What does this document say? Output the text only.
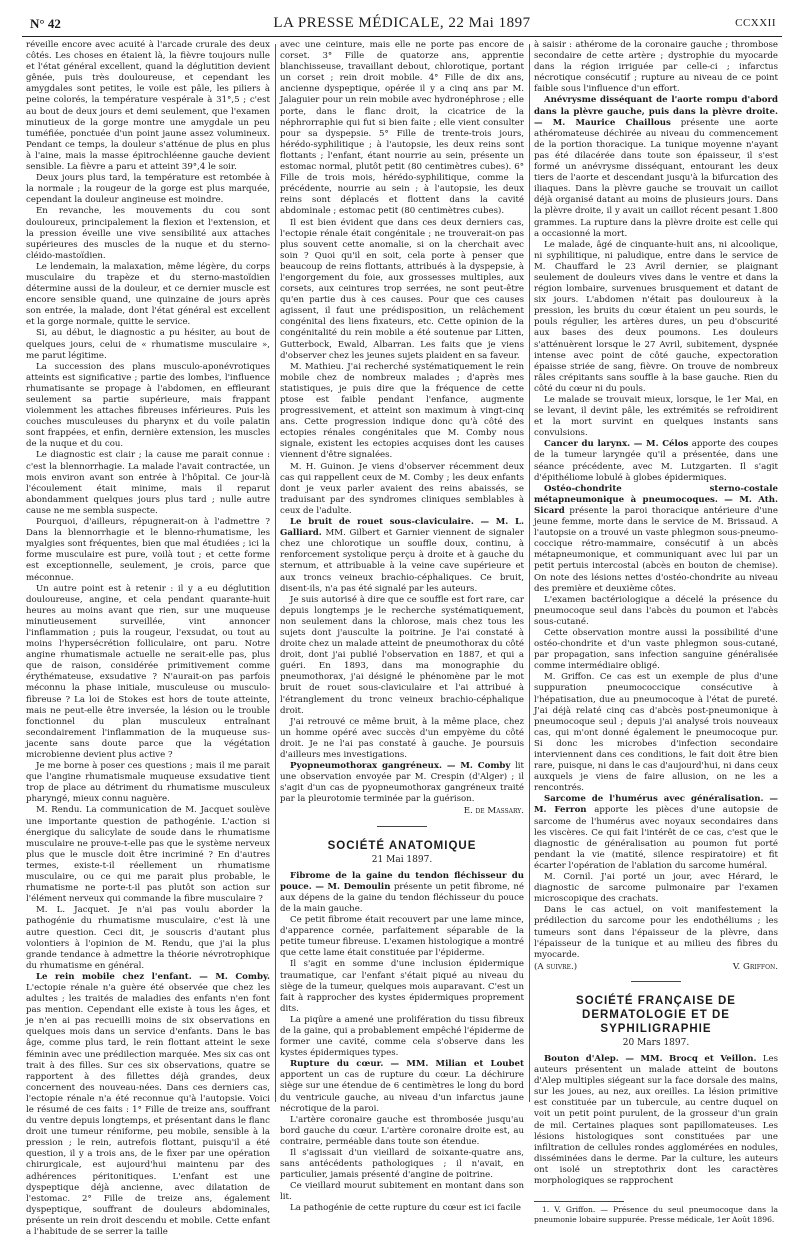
N° 42	LA PRESSE MÉDICALE, 22 Mai 1897	CCXXII

réveille encore avec acuité à l'arcade crurale des deux côtés. Les choses en étaient là, la fièvre toujours nulle et l'état général excellent, quand la déglutition devient gênée, puis très douloureuse, et cependant les amygdales sont petites, le voile est pâle, les piliers à peine colorés, la température vespérale à 31°,5 ; c'est au bout de deux jours et demi seulement, que l'examen minutieux de la gorge montre une amygdale un peu tuméfiée, ponctuée d'un point jaune assez volumineux. Pendant ce temps, la douleur s'atténue de plus en plus à l'aine, mais la masse épitrochléenne gauche devient sensible. La fièvre a paru et atteint 39°,4 le soir.

Deux jours plus tard, la température est retombée à la normale ; la rougeur de la gorge est plus marquée, cependant la douleur angineuse est moindre.

En revanche, les mouvements du cou sont douloureux, principalement la flexion et l'extension, et la pression éveille une vive sensibilité aux attaches supérieures des muscles de la nuque et du sterno-cléido-mastoïdien.

Le lendemain, la malaxation, même légère, du corps musculaire du trapèze et du sterno-mastoïdien détermine aussi de la douleur, et ce dernier muscle est encore sensible quand, une quinzaine de jours après son entrée, la malade, dont l'état général est excellent et la gorge normale, quitte le service.

Si, au début, le diagnostic a pu hésiter, au bout de quelques jours, celui de « rhumatisme musculaire », me parut légitime.

La succession des plans musculo-aponévrotiques atteints est significative ; partie des lombes, l'influence rhumatisante se propage à l'abdomen, en effleurant seulement sa partie supérieure, mais frappant violemment les attaches fibreuses inférieures. Puis les couches musculeuses du pharynx et du voile palatin sont frappées, et enfin, dernière extension, les muscles de la nuque et du cou.

Le diagnostic est clair ; la cause me parait connue : c'est la blennorrhagie. La malade l'avait contractée, un mois environ avant son entrée à l'hôpital. Ce jour-là l'écoulement était minime, mais il reparut abondamment quelques jours plus tard ; nulle autre cause ne me sembla suspecte.

Pourquoi, d'ailleurs, répugnerait-on à l'admettre ? Dans la blennorrhagie et le blenno-rhumatisme, les myalgies sont fréquentes, bien que mal étudiées ; ici la forme musculaire est pure, voilà tout ; et cette forme est exceptionnelle, seulement, je crois, parce que méconnue.

Un autre point est à retenir : il y a eu déglutition douloureuse, angine, et cela pendant quarante-huit heures au moins avant que rien, sur une muqueuse minutieusement surveillée, vint annoncer l'inflammation ; puis la rougeur, l'exsudat, ou tout au moins l'hypersécrétion folliculaire, ont paru. Notre angine rhumatismale actuelle ne serait-elle pas, plus que de raison, considérée primitivement comme érythémateuse, exsudative ? N'aurait-on pas parfois méconnu la phase initiale, musculeuse ou musculo-fibreuse ? La loi de Stokes est hors de toute atteinte, mais ne peut-elle être inversée, la lésion ou le trouble fonctionnel du plan musculeux entraînant secondairement l'inflammation de la muqueuse sus-jacente sans doute parce que la végétation microbienne devient plus active ?

Je me borne à poser ces questions ; mais il me parait que l'angine rhumatismale muqueuse exsudative tient trop de place au détriment du rhumatisme musculeux pharyngé, mieux connu naguère.

M. Rendu. La communication de M. Jacquet soulève une importante question de pathogénie. L'action si énergique du salicylate de soude dans le rhumatisme musculaire ne prouve-t-elle pas que le système nerveux plus que le muscle doit être incriminé ? En d'autres termes, existe-t-il réellement un rhumatisme musculaire, ou ce qui me parait plus probable, le rhumatisme ne porte-t-il pas plutôt son action sur l'élément nerveux qui commande la fibre musculaire ?

M. L. Jacquet. Je n'ai pas voulu aborder la pathogénie du rhumatisme musculaire, c'est là une autre question. Ceci dit, je souscris d'autant plus volontiers à l'opinion de M. Rendu, que j'ai la plus grande tendance à admettre la théorie névrotrophique du rhumatisme en général.

Le rein mobile chez l'enfant. — M. Comby. L'ectopie rénale n'a guère été observée que chez les adultes ; les traités de maladies des enfants n'en font pas mention. Cependant elle existe à tous les âges, et je n'en ai pas recueilli moins de six observations en quelques mois dans un service d'enfants. Dans le bas âge, comme plus tard, le rein flottant atteint le sexe féminin avec une prédilection marquée. Mes six cas ont trait à des filles. Sur ces six observations, quatre se rapportent à des fillettes déjà grandes, deux concernent des nouveau-nées. Dans ces derniers cas, l'ectopie rénale n'a été reconnue qu'à l'autopsie. Voici le résumé de ces faits : 1° Fille de treize ans, souffrant du ventre depuis longtemps, et présentant dans le flanc droit une tumeur réniforme, peu mobile, sensible à la pression ; le rein, autrefois flottant, puisqu'il a été question, il y a trois ans, de le fixer par une opération chirurgicale, est aujourd'hui maintenu par des adhérences péritonitiques. L'enfant est une dyspeptique déjà ancienne, avec dilatation de l'estomac. 2° Fille de treize ans, également dyspeptique, souffrant de douleurs abdominales, présente un rein droit descendu et mobile. Cette enfant a l'habitude de se serrer la taille

avec une ceinture, mais elle ne porte pas encore de corset. 3° Fille de quatorze ans, apprentie blanchisseuse, travaillant debout, chlorotique, portant un corset ; rein droit mobile. 4° Fille de dix ans, ancienne dyspeptique, opérée il y a cinq ans par M. Jalaguier pour un rein mobile avec hydronéphrose ; elle porte, dans le flanc droit, la cicatrice de la néphrorraphie qui fut si bien faite ; elle vient consulter pour sa dyspepsie. 5° Fille de trente-trois jours, hérédo-syphilitique ; à l'autopsie, les deux reins sont flottants ; l'enfant, étant nourrie au sein, présente un estomac normal, plutôt petit (80 centimètres cubes). 6° Fille de trois mois, hérédo-syphilitique, comme la précédente, nourrie au sein ; à l'autopsie, les deux reins sont déplacés et flottent dans la cavité abdominale ; estomac petit (80 centimètres cubes).

Il est bien évident que dans ces deux derniers cas, l'ectopie rénale était congénitale ; ne trouverait-on pas plus souvent cette anomalie, si on la cherchait avec soin ? Quoi qu'il en soit, cela porte à penser que beaucoup de reins flottants, attribués à la dyspepsie, à l'engorgement du foie, aux grossesses multiples, aux corsets, aux ceintures trop serrées, ne sont peut-être qu'en partie dus à ces causes. Pour que ces causes agissent, il faut une prédisposition, un relâchement congénital des liens fixateurs, etc. Cette opinion de la congénitalité du rein mobile a été soutenue par Litten, Gutterbock, Ewald, Albarran. Les faits que je viens d'observer chez les jeunes sujets plaident en sa faveur.

M. Mathieu. J'ai recherché systématiquement le rein mobile chez de nombreux malades ; d'après mes statistiques, je puis dire que la fréquence de cette ptose est faible pendant l'enfance, augmente progressivement, et atteint son maximum à vingt-cinq ans. Cette progression indique donc qu'à côté des ectopies rénales congénitales que M. Comby nous signale, existent les ectopies acquises dont les causes viennent d'être signalées.

M. H. Guinon. Je viens d'observer récemment deux cas qui rappellent ceux de M. Comby ; les deux enfants dont je veux parler avaient des reins abaissés, se traduisant par des syndromes cliniques semblables à ceux de l'adulte.

Le bruit de rouet sous-claviculaire. — M. L. Galliard. MM. Gilbert et Garnier viennent de signaler chez une chlorotique un souffle doux, continu, à renforcement systolique perçu à droite et à gauche du sternum, et attribuable à la veine cave supérieure et aux troncs veineux brachio-céphaliques. Ce bruit, disent-ils, n'a pas été signalé par les auteurs.

Je suis autorisé à dire que ce souffle est fort rare, car depuis longtemps je le recherche systématiquement, non seulement dans la chlorose, mais chez tous les sujets dont j'ausculte la poitrine. Je l'ai constaté à droite chez un malade atteint de pneumothorax du côté droit, dont j'ai publié l'observation en 1887, et qui a guéri. En 1893, dans ma monographie du pneumothorax, j'ai désigné le phénomène par le mot bruit de rouet sous-claviculaire et l'ai attribué à l'étranglement du tronc veineux brachio-céphalique droit.

J'ai retrouvé ce même bruit, à la même place, chez un homme opéré avec succès d'un empyème du côté droit. Je ne l'ai pas constaté à gauche. Je poursuis d'ailleurs mes investigations.

Pyopneumothorax gangréneux. — M. Comby lit une observation envoyée par M. Crespin (d'Alger) ; il s'agit d'un cas de pyopneumothorax gangréneux traité par la pleurotomie terminée par la guérison.

E. de Massary.
SOCIÉTÉ ANATOMIQUE
21 Mai 1897.

Fibrome de la gaine du tendon fléchisseur du pouce. — M. Demoulin présente un petit fibrome, né aux dépens de la gaine du tendon fléchisseur du pouce de la main gauche.

Ce petit fibrome était recouvert par une lame mince, d'apparence cornée, parfaitement séparable de la petite tumeur fibreuse. L'examen histologique a montré que cette lame était constituée par l'épiderme.

Il s'agit en somme d'une inclusion épidermique traumatique, car l'enfant s'était piqué au niveau du siège de la tumeur, quelques mois auparavant. C'est un fait à rapprocher des kystes épidermiques proprement dits.

La piqûre a amené une prolifération du tissu fibreux de la gaine, qui a probablement empêché l'épiderme de former une cavité, comme cela s'observe dans les kystes épidermiques types.

Rupture du cœur. — MM. Milian et Loubet apportent un cas de rupture du cœur. La déchirure siège sur une étendue de 6 centimètres le long du bord du ventricule gauche, au niveau d'un infarctus jaune nécrotique de la paroi.

L'artère coronaire gauche est thrombosée jusqu'au bord gauche du cœur. L'artère coronaire droite est, au contraire, perméable dans toute son étendue.

Il s'agissait d'un vieillard de soixante-quatre ans, sans antécédents pathologiques ; il n'avait, en particulier, jamais présenté d'angine de poitrine.

Ce vieillard mourut subitement en montant dans son lit.

La pathogénie de cette rupture du cœur est ici facile

à saisir : athérome de la coronaire gauche ; thrombose secondaire de cette artère ; dystrophie du myocarde dans la région irriguée par celle-ci ; infarctus nécrotique consécutif ; rupture au niveau de ce point faible sous l'influence d'un effort.

Anévrysme disséquant de l'aorte rompu d'abord dans la plèvre gauche, puis dans la plèvre droite. — M. Maurice Chaillous présente une aorte athéromateuse déchirée au niveau du commencement de la portion thoracique. La tunique moyenne n'ayant pas été dilacérée dans toute son épaisseur, il s'est formé un anévrysme disséquant, entourant les deux tiers de l'aorte et descendant jusqu'à la bifurcation des iliaques. Dans la plèvre gauche se trouvait un caillot déjà organisé datant au moins de plusieurs jours. Dans la plèvre droite, il y avait un caillot récent pesant 1.800 grammes. La rupture dans la plèvre droite est celle qui a occasionné la mort.

Le malade, âgé de cinquante-huit ans, ni alcoolique, ni syphilitique, ni paludique, entre dans le service de M. Chauffard le 23 Avril dernier, se plaignant seulement de douleurs vives dans le ventre et dans la région lombaire, survenues brusquement et datant de six jours. L'abdomen n'était pas douloureux à la pression, les bruits du cœur étaient un peu sourds, le pouls régulier, les artères dures, un peu d'obscurité aux bases des deux poumons. Les douleurs s'atténuèrent lorsque le 27 Avril, subitement, dyspnée intense avec point de côté gauche, expectoration épaisse striée de sang, fièvre. On trouve de nombreux râles crépitants sans souffle à la base gauche. Rien du côté du cœur ni du pouls.

Le malade se trouvait mieux, lorsque, le 1er Mai, en se levant, il devint pâle, les extrémités se refroidirent et la mort survint en quelques instants sans convulsions.

Cancer du larynx. — M. Célos apporte des coupes de la tumeur laryngée qu'il a présentée, dans une séance précédente, avec M. Lutzgarten. Il s'agit d'épithéliome lobulé à globes épidermiques.

Ostéo-chondrite sterno-costale métapneumonique à pneumocoques. — M. Ath. Sicard présente la paroi thoracique antérieure d'une jeune femme, morte dans le service de M. Brissaud. A l'autopsie on a trouvé un vaste phlegmon sous-pneumo-coccique rétro-mammaire, consécutif à un abcès métapneumonique, et communiquant avec lui par un petit pertuis intercostal (abcès en bouton de chemise). On note des lésions nettes d'ostéo-chondrite au niveau des première et deuxième côtes.

L'examen bactériologique a décelé la présence du pneumocoque seul dans l'abcès du poumon et l'abcès sous-cutané.

Cette observation montre aussi la possibilité d'une ostéo-chondrite et d'un vaste phlegmon sous-cutané, par propagation, sans infection sanguine généralisée comme intermédiaire obligé.

M. Griffon. Ce cas est un exemple de plus d'une suppuration pneumococcique consécutive à l'hépatisation, due au pneumocoque à l'état de pureté. J'ai déjà relaté cinq cas d'abcès post-pneumonique à pneumocoque seul ; depuis j'ai analysé trois nouveaux cas, qui m'ont donné également le pneumocoque pur. Si donc les microbes d'infection secondaire interviennent dans ces conditions, le fait doit être bien rare, puisque, ni dans le cas d'aujourd'hui, ni dans ceux auxquels je viens de faire allusion, on ne les a rencontrés.

Sarcome de l'humérus avec généralisation. — M. Ferron apporte les pièces d'une autopsie de sarcome de l'humérus avec noyaux secondaires dans les viscères. Ce qui fait l'intérêt de ce cas, c'est que le diagnostic de généralisation au poumon fut porté pendant la vie (matité, silence respiratoire) et fit écarter l'opération de l'ablation du sarcome huméral.

M. Cornil. J'ai porté un jour, avec Hérard, le diagnostic de sarcome pulmonaire par l'examen microscopique des crachats.

Dans le cas actuel, on voit manifestement la prédilection du sarcome pour les endothéliums ; les tumeurs sont dans l'épaisseur de la plèvre, dans l'épaisseur de la tunique et au milieu des fibres du myocarde.

(A suivre.)	V. Griffon.
SOCIÉTÉ FRANÇAISE DE DERMATOLOGIE ET DE SYPHILIGRAPHIE
20 Mars 1897.

Bouton d'Alep. — MM. Brocq et Veillon. Les auteurs présentent un malade atteint de boutons d'Alep multiples siégeant sur la face dorsale des mains, sur les joues, au nez, aux oreilles. La lésion primitive est constituée par un tubercule, au centre duquel on voit un petit point purulent, de la grosseur d'un grain de mil. Certaines plaques sont papillomateuses. Les lésions histologiques sont constituées par une infiltration de cellules rondes agglomérées en nodules, disséminées dans le derme. Par la culture, les auteurs ont isolé un streptothrix dont les caractères morphologiques se rapprochent

1. V. Griffon. — Présence du seul pneumocoque dans la pneumonie lobaire suppurée. Presse médicale, 1er Août 1896.
